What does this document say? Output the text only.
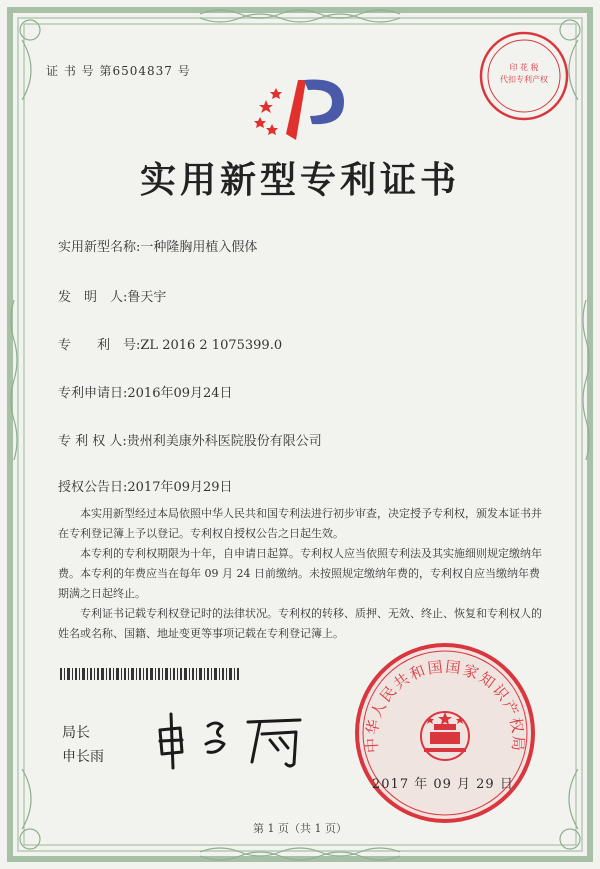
证 书 号 第6504837 号	印 花 税
代扣专利产权
实用新型专利证书
实用新型名称:一种隆胸用植入假体
发　明　人:鲁天宇
专　　利　号:ZL 2016 2 1075399.0
专利申请日:2016年09月24日
专 利 权 人:贵州利美康外科医院股份有限公司
授权公告日:2017年09月29日

本实用新型经过本局依照中华人民共和国专利法进行初步审查，决定授予专利权，颁发本证书并在专利登记簿上予以登记。专利权自授权公告之日起生效。

本专利的专利权期限为十年，自申请日起算。专利权人应当依照专利法及其实施细则规定缴纳年费。本专利的年费应当在每年 09 月 24 日前缴纳。未按照规定缴纳年费的，专利权自应当缴纳年费期满之日起终止。

专利证书记载专利权登记时的法律状况。专利权的转移、质押、无效、终止、恢复和专利权人的姓名或名称、国籍、地址变更等事项记载在专利登记簿上。

局长
申长雨
中华人民共和国国家知识产权局
2017 年 09 月 29 日
第 1 页（共 1 页）
